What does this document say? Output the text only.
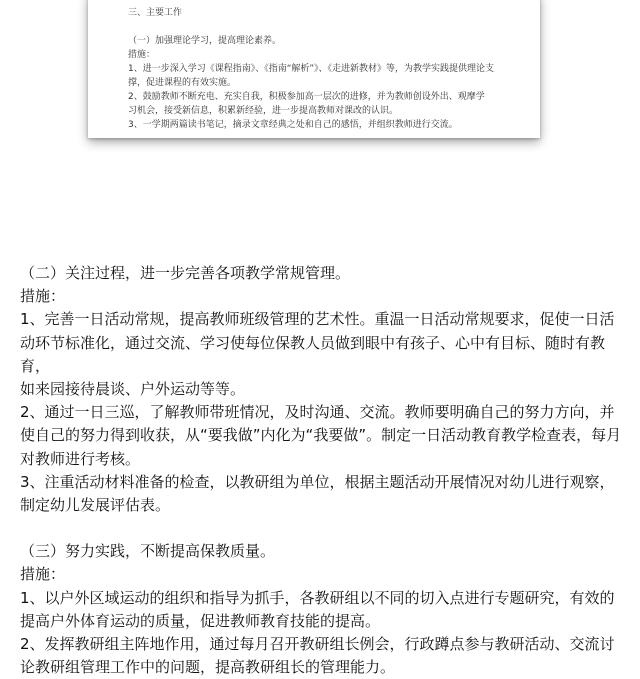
三、主要工作

（一）加强理论学习，提高理论素养。

措施：

1、进一步深入学习《课程指南》、《指南“解析”》、《走进新教材》等，为教学实践提供理论支

撑，促进课程的有效实施。

2、鼓励教师不断充电、充实自我，积极参加高一层次的进修，并为教师创设外出、观摩学

习机会，接受新信息，积累新经验，进一步提高教师对课改的认识。

3、一学期两篇读书笔记，摘录文章经典之处和自己的感悟，并组织教师进行交流。

（二）关注过程，进一步完善各项教学常规管理。

措施：

1、完善一日活动常规，提高教师班级管理的艺术性。重温一日活动常规要求，促使一日活

动环节标准化，通过交流、学习使每位保教人员做到眼中有孩子、心中有目标、随时有教育，

如来园接待晨谈、户外运动等等。

2、通过一日三巡，了解教师带班情况，及时沟通、交流。教师要明确自己的努力方向，并

使自己的努力得到收获，从“要我做”内化为“我要做”。制定一日活动教育教学检查表，每月

对教师进行考核。

3、注重活动材料准备的检查，以教研组为单位，根据主题活动开展情况对幼儿进行观察，

制定幼儿发展评估表。

（三）努力实践，不断提高保教质量。

措施：

1、以户外区域运动的组织和指导为抓手，各教研组以不同的切入点进行专题研究，有效的

提高户外体育运动的质量，促进教师教育技能的提高。

2、发挥教研组主阵地作用，通过每月召开教研组长例会，行政蹲点参与教研活动、交流讨

论教研组管理工作中的问题，提高教研组长的管理能力。
